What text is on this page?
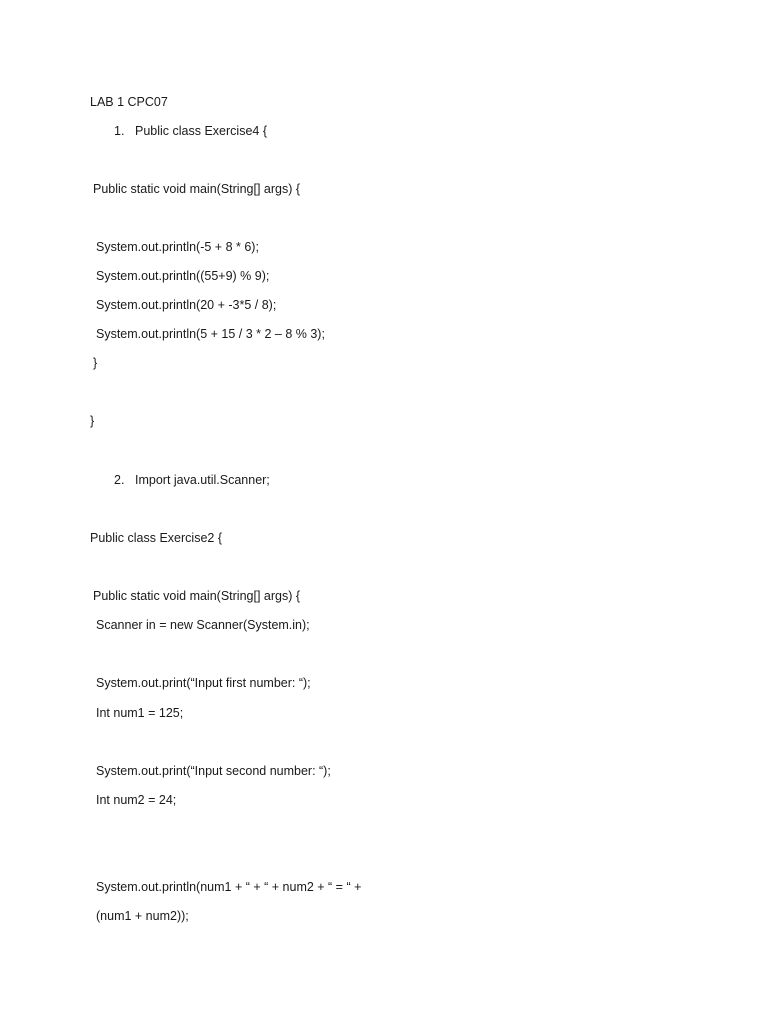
LAB 1 CPC07
1. Public class Exercise4 {
Public static void main(String[] args) {
System.out.println(-5 + 8 * 6);
System.out.println((55+9) % 9);
System.out.println(20 + -3*5 / 8);
System.out.println(5 + 15 / 3 * 2 – 8 % 3);
}
}
2. Import java.util.Scanner;
Public class Exercise2 {
Public static void main(String[] args) {
Scanner in = new Scanner(System.in);
System.out.print(“Input first number: “);
Int num1 = 125;
System.out.print(“Input second number: “);
Int num2 = 24;
System.out.println(num1 + “ + “ + num2 + “ = “ +
(num1 + num2));
